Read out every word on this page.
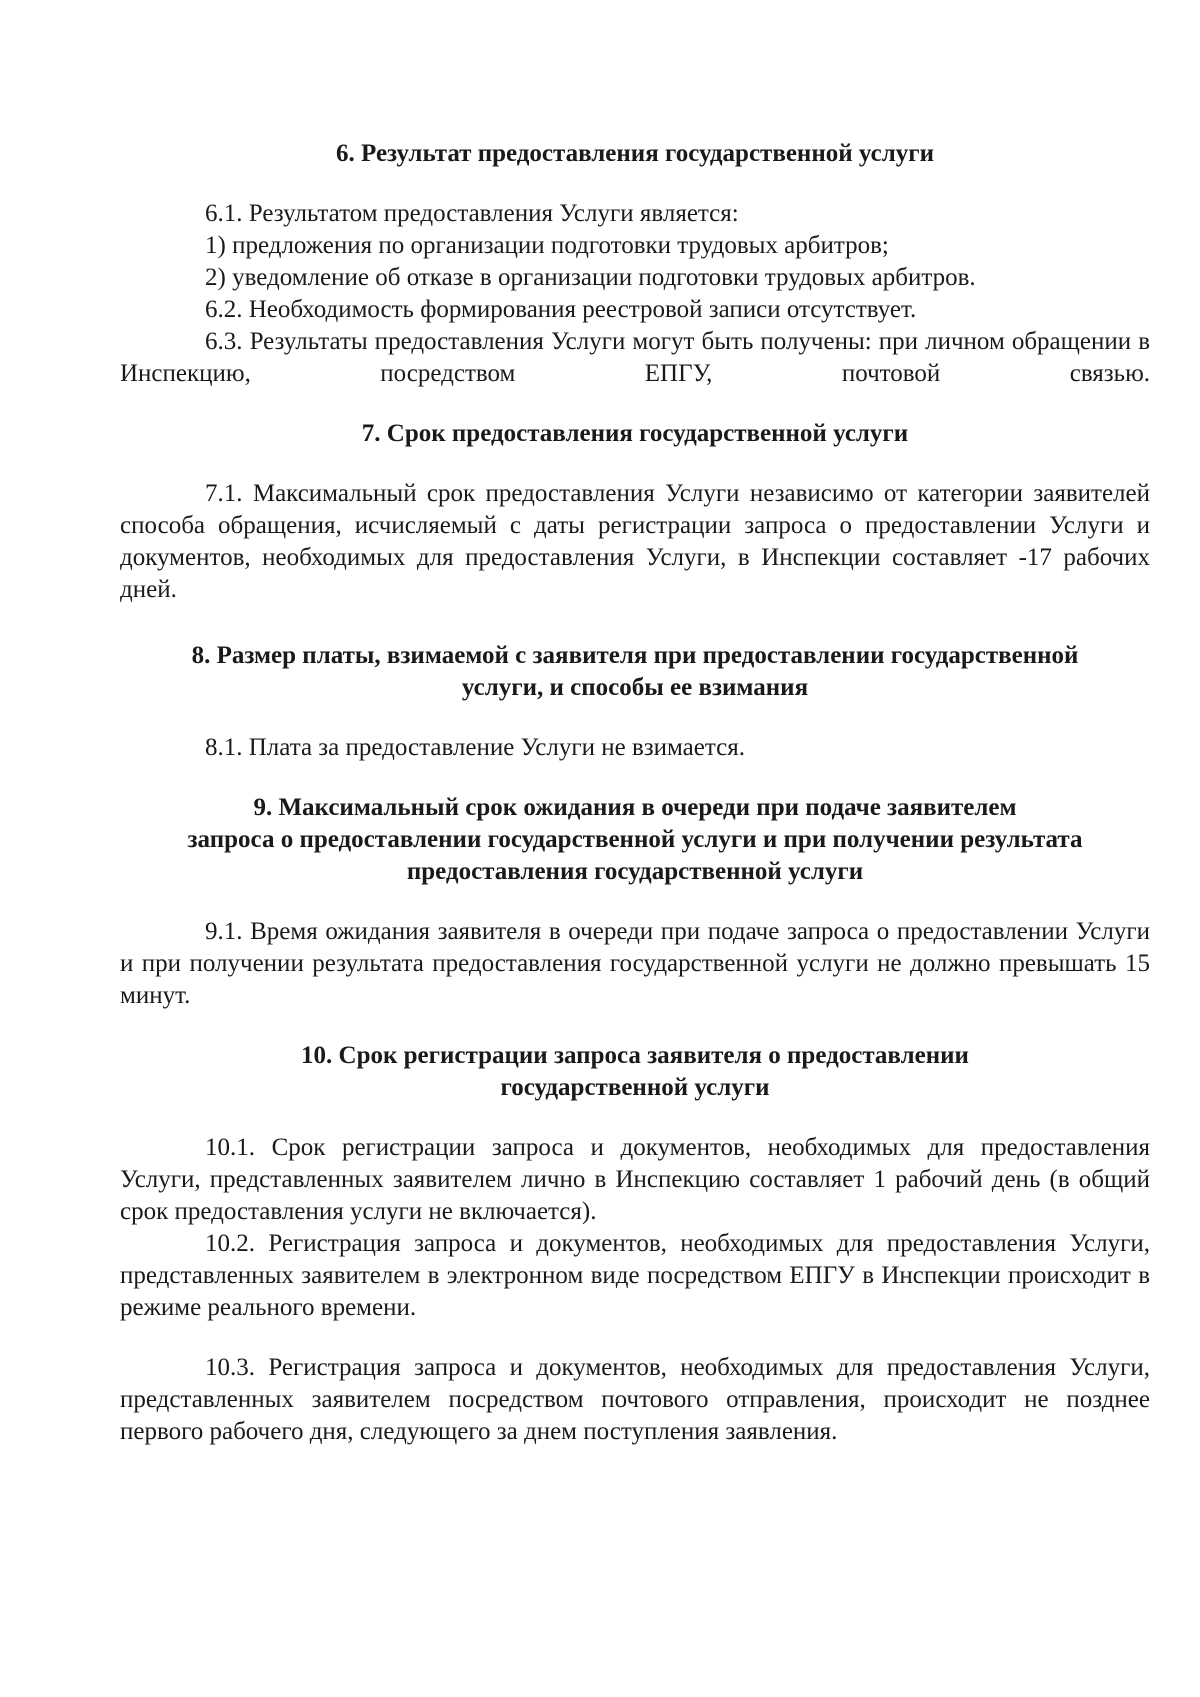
6. Результат предоставления государственной услуги

6.1. Результатом предоставления Услуги является:

1) предложения по организации подготовки трудовых арбитров;

2) уведомление об отказе в организации подготовки трудовых арбитров.

6.2. Необходимость формирования реестровой записи отсутствует.

6.3. Результаты предоставления Услуги могут быть получены: при личном обращении в Инспекцию, посредством ЕПГУ, почтовой связью.

7. Срок предоставления государственной услуги

7.1. Максимальный срок предоставления Услуги независимо от категории заявителей способа обращения, исчисляемый с даты регистрации запроса о предоставлении Услуги и документов, необходимых для предоставления Услуги, в Инспекции составляет -17 рабочих дней.

8. Размер платы, взимаемой с заявителя при предоставлении государственной

услуги, и способы ее взимания

8.1. Плата за предоставление Услуги не взимается.

9. Максимальный срок ожидания в очереди при подаче заявителем

запроса о предоставлении государственной услуги и при получении результата

предоставления государственной услуги

9.1. Время ожидания заявителя в очереди при подаче запроса о предоставлении Услуги и при получении результата предоставления государственной услуги не должно превышать 15 минут.

10. Срок регистрации запроса заявителя о предоставлении

государственной услуги

10.1. Срок регистрации запроса и документов, необходимых для предоставления Услуги, представленных заявителем лично в Инспекцию составляет 1 рабочий день (в общий срок предоставления услуги не включается).

10.2. Регистрация запроса и документов, необходимых для предоставления Услуги, представленных заявителем в электронном виде посредством ЕПГУ в Инспекции происходит в режиме реального времени.

10.3. Регистрация запроса и документов, необходимых для предоставления Услуги, представленных заявителем посредством почтового отправления, происходит не позднее первого рабочего дня, следующего за днем поступления заявления.
